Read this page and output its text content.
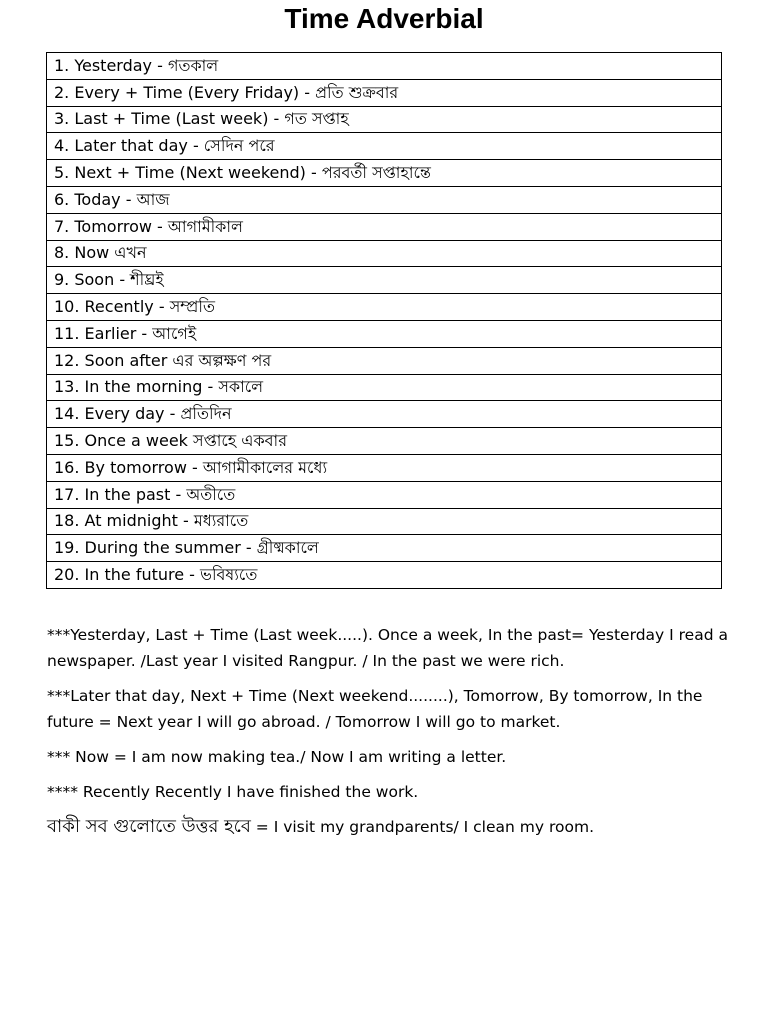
Time Adverbial
1. Yesterday - গতকাল
2. Every + Time (Every Friday) - প্রতি শুক্রবার
3. Last + Time (Last week) - গত সপ্তাহ
4. Later that day - সেদিন পরে
5. Next + Time (Next weekend) - পরবর্তী সপ্তাহান্তে
6. Today - আজ
7. Tomorrow - আগামীকাল
8. Now এখন
9. Soon - শীঘ্রই
10. Recently - সম্প্রতি
11. Earlier - আগেই
12. Soon after এর অল্পক্ষণ পর
13. In the morning - সকালে
14. Every day - প্রতিদিন
15. Once a week সপ্তাহে একবার
16. By tomorrow - আগামীকালের মধ্যে
17. In the past - অতীতে
18. At midnight - মধ্যরাতে
19. During the summer - গ্রীষ্মকালে
20. In the future - ভবিষ্যতে

***Yesterday, Last + Time (Last week.....). Once a week, In the past= Yesterday I read a newspaper. /Last year I visited Rangpur. / In the past we were rich.

***Later that day, Next + Time (Next weekend........), Tomorrow, By tomorrow, In the future = Next year I will go abroad. / Tomorrow I will go to market.

*** Now = I am now making tea./ Now I am writing a letter.

**** Recently Recently I have finished the work.

বাকী সব গুলোতে উত্তর হবে = I visit my grandparents/ I clean my room.
